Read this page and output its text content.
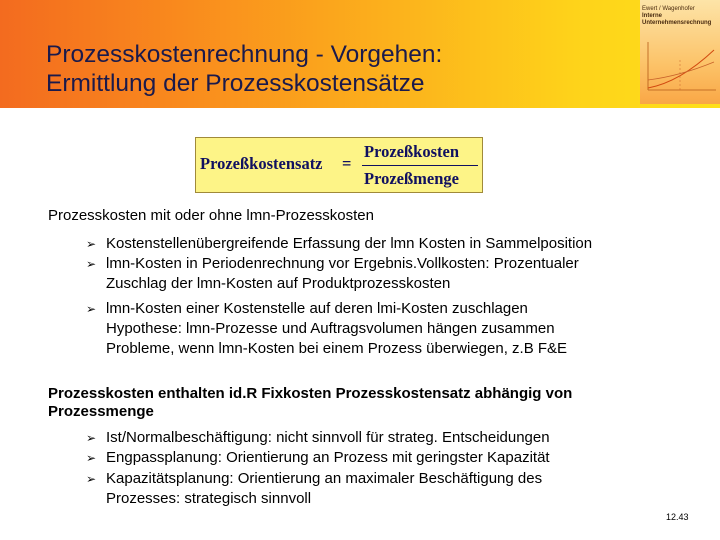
Prozesskostenrechnung - Vorgehen:
Ermittlung der Prozesskostensätze
Ewert / Wagenhofer
Interne
Unternehmensrechnung
Prozeßkostensatz =
Prozeßkosten
Prozeßmenge
Prozesskosten mit oder ohne lmn-Prozesskosten
➢ Kostenstellenübergreifende Erfassung der lmn Kosten in Sammelposition
➢ lmn-Kosten in Periodenrechnung vor Ergebnis.Vollkosten: Prozentualer
Zuschlag der lmn-Kosten auf Produktprozesskosten
➢ lmn-Kosten einer Kostenstelle auf deren lmi-Kosten zuschlagen
Hypothese: lmn-Prozesse und Auftragsvolumen hängen zusammen
Probleme, wenn lmn-Kosten bei einem Prozess überwiegen, z.B F&E
Prozesskosten enthalten id.R Fixkosten Prozesskostensatz abhängig von
Prozessmenge
➢ Ist/Normalbeschäftigung: nicht sinnvoll für strateg. Entscheidungen
➢ Engpassplanung: Orientierung an Prozess mit geringster Kapazität
➢ Kapazitätsplanung: Orientierung an maximaler Beschäftigung des
Prozesses: strategisch sinnvoll
12.43
